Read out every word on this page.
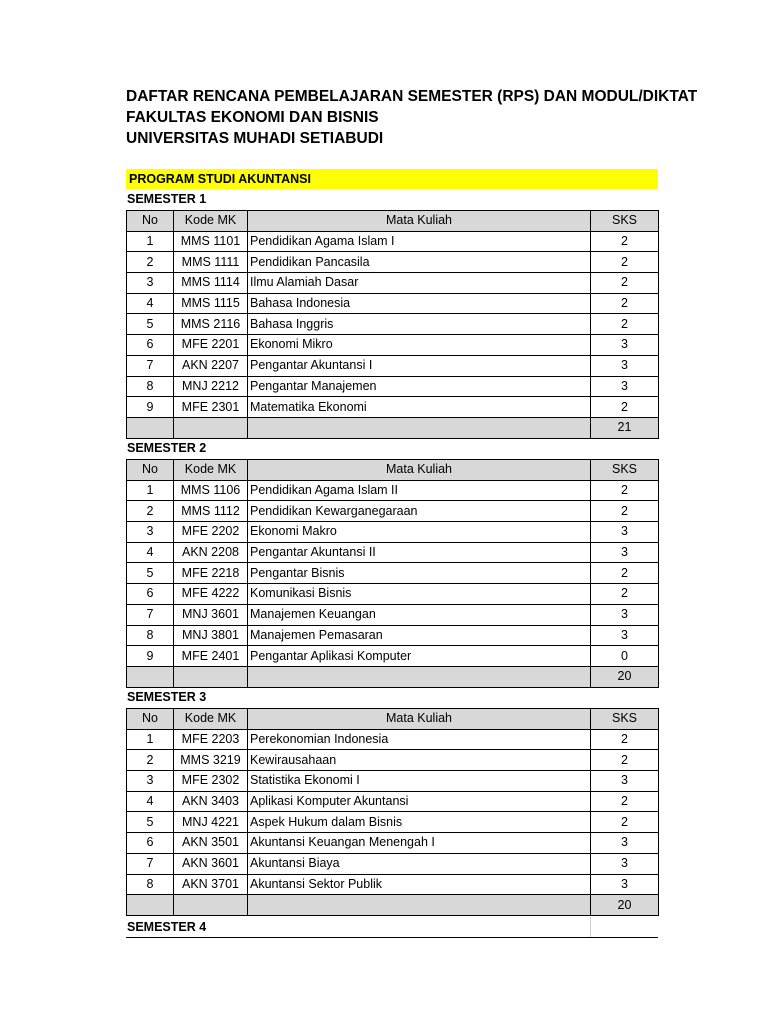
DAFTAR RENCANA PEMBELAJARAN SEMESTER (RPS) DAN MODUL/DIKTAT
FAKULTAS EKONOMI DAN BISNIS
UNIVERSITAS MUHADI SETIABUDI
PROGRAM STUDI AKUNTANSI
SEMESTER 1
No	Kode MK	Mata Kuliah	SKS
1	MMS 1101	Pendidikan Agama Islam I	2
2	MMS 1111	Pendidikan Pancasila	2
3	MMS 1114	Ilmu Alamiah Dasar	2
4	MMS 1115	Bahasa Indonesia	2
5	MMS 2116	Bahasa Inggris	2
6	MFE 2201	Ekonomi Mikro	3
7	AKN 2207	Pengantar Akuntansi I	3
8	MNJ 2212	Pengantar Manajemen	3
9	MFE 2301	Matematika Ekonomi	2
			21
SEMESTER 2
No	Kode MK	Mata Kuliah	SKS
1	MMS 1106	Pendidikan Agama Islam II	2
2	MMS 1112	Pendidikan Kewarganegaraan	2
3	MFE 2202	Ekonomi Makro	3
4	AKN 2208	Pengantar Akuntansi II	3
5	MFE 2218	Pengantar Bisnis	2
6	MFE 4222	Komunikasi Bisnis	2
7	MNJ 3601	Manajemen Keuangan	3
8	MNJ 3801	Manajemen Pemasaran	3
9	MFE 2401	Pengantar Aplikasi Komputer	0
			20
SEMESTER 3
No	Kode MK	Mata Kuliah	SKS
1	MFE 2203	Perekonomian Indonesia	2
2	MMS 3219	Kewirausahaan	2
3	MFE 2302	Statistika Ekonomi I	3
4	AKN 3403	Aplikasi Komputer Akuntansi	2
5	MNJ 4221	Aspek Hukum dalam Bisnis	2
6	AKN 3501	Akuntansi Keuangan Menengah I	3
7	AKN 3601	Akuntansi Biaya	3
8	AKN 3701	Akuntansi Sektor Publik	3
			20
SEMESTER 4
